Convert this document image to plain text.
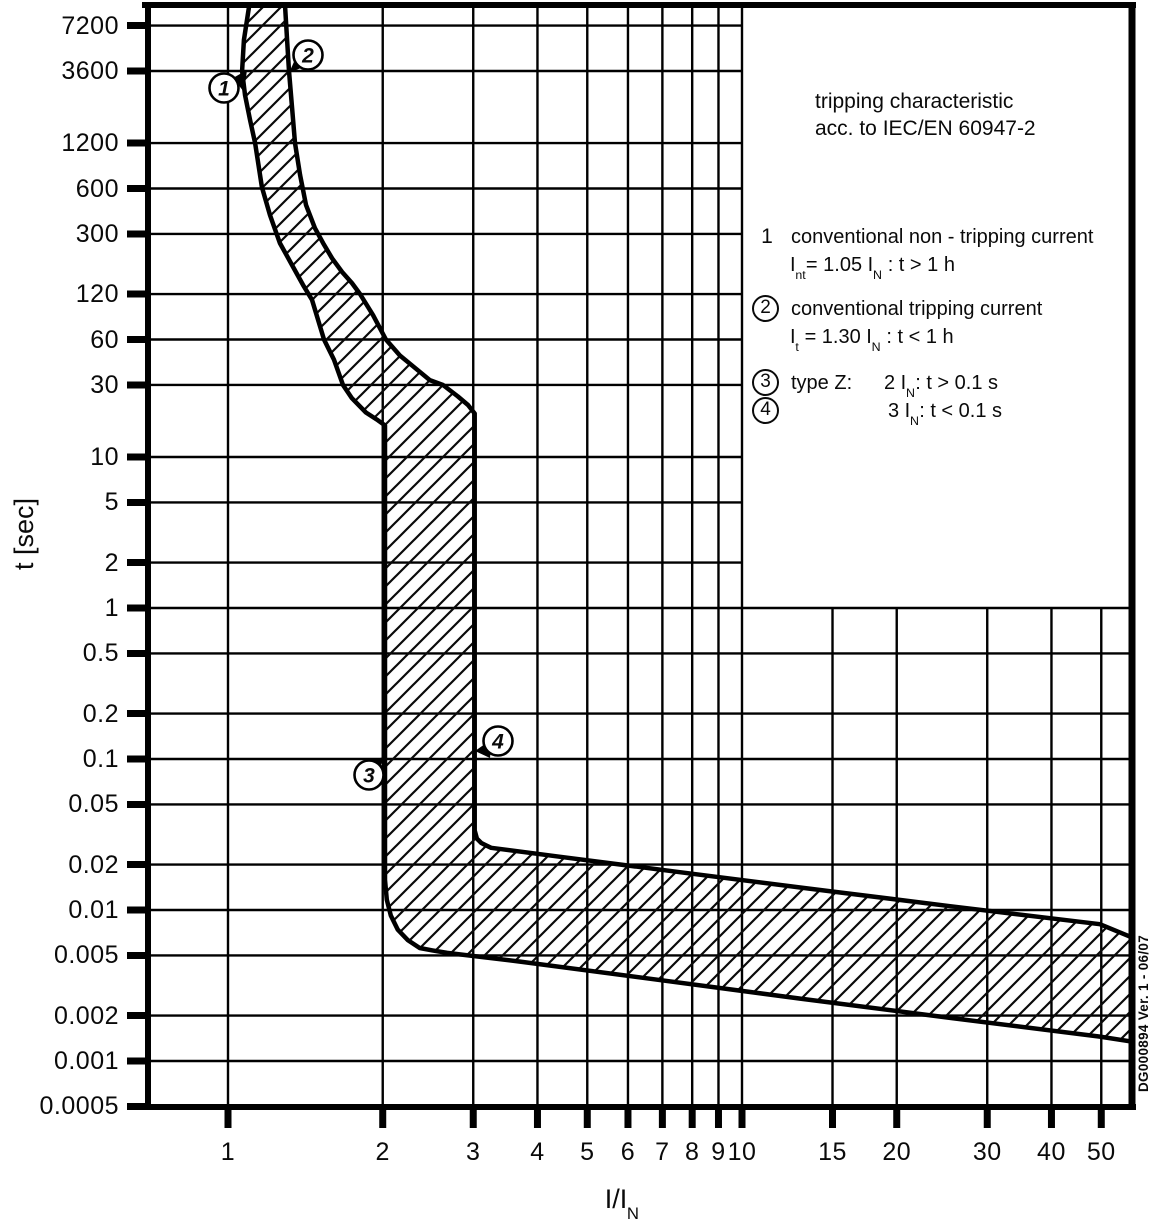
1
2
3
4
t [sec]
$I/I_N$
tripping characteristic
acc. to IEC/EN 60947-2
1 conventional non - tripping current
$I_{nt}= 1.05$ $I_N$ : t > 1 h
2	conventional tripping current
$I_t = 1.30$ $I_N$ : t < 1 h
3	type Z: 2 $I_N$: t > 0.1 s
4	3 $I_N$: t < 0.1 s
7200
3600
1200
600
300
120
60
30
10
5
2
1
0.5
0.2
0.1
0.05
0.02
0.01
0.005
0.002
0.001
0.0005
1	2	3	4	5	6 7 8 9 10	15	20	30	40 50
DG000894 Ver. 1 - 06/07
